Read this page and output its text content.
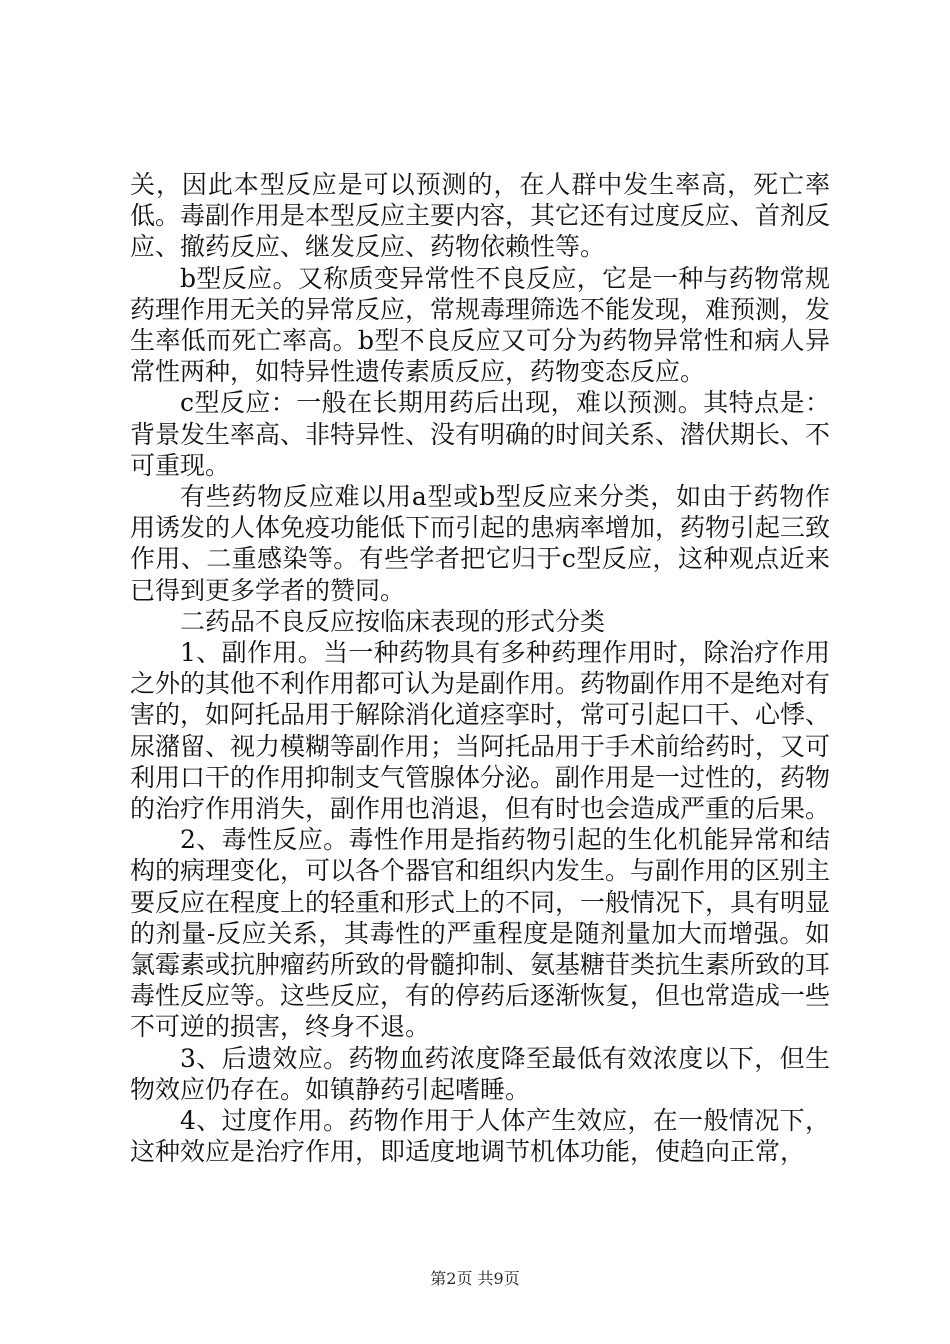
关，因此本型反应是可以预测的，在人群中发生率高，死亡率低。毒副作用是本型反应主要内容，其它还有过度反应、首剂反应、撤药反应、继发反应、药物依赖性等。

b型反应。又称质变异常性不良反应，它是一种与药物常规药理作用无关的异常反应，常规毒理筛选不能发现，难预测，发生率低而死亡率高。b型不良反应又可分为药物异常性和病人异常性两种，如特异性遗传素质反应，药物变态反应。

c型反应：一般在长期用药后出现，难以预测。其特点是：背景发生率高、非特异性、没有明确的时间关系、潜伏期长、不可重现。

有些药物反应难以用a型或b型反应来分类，如由于药物作用诱发的人体免疫功能低下而引起的患病率增加，药物引起三致作用、二重感染等。有些学者把它归于c型反应，这种观点近来已得到更多学者的赞同。

二药品不良反应按临床表现的形式分类

1、副作用。当一种药物具有多种药理作用时，除治疗作用之外的其他不利作用都可认为是副作用。药物副作用不是绝对有害的，如阿托品用于解除消化道痉挛时，常可引起口干、心悸、尿潴留、视力模糊等副作用；当阿托品用于手术前给药时，又可利用口干的作用抑制支气管腺体分泌。副作用是一过性的，药物的治疗作用消失，副作用也消退，但有时也会造成严重的后果。

2、毒性反应。毒性作用是指药物引起的生化机能异常和结构的病理变化，可以各个器官和组织内发生。与副作用的区别主要反应在程度上的轻重和形式上的不同，一般情况下，具有明显的剂量-反应关系，其毒性的严重程度是随剂量加大而增强。如氯霉素或抗肿瘤药所致的骨髓抑制、氨基糖苷类抗生素所致的耳毒性反应等。这些反应，有的停药后逐渐恢复，但也常造成一些不可逆的损害，终身不退。

3、后遗效应。药物血药浓度降至最低有效浓度以下，但生物效应仍存在。如镇静药引起嗜睡。

4、过度作用。药物作用于人体产生效应，在一般情况下，这种效应是治疗作用，即适度地调节机体功能，使趋向正常，

第2页 共9页
